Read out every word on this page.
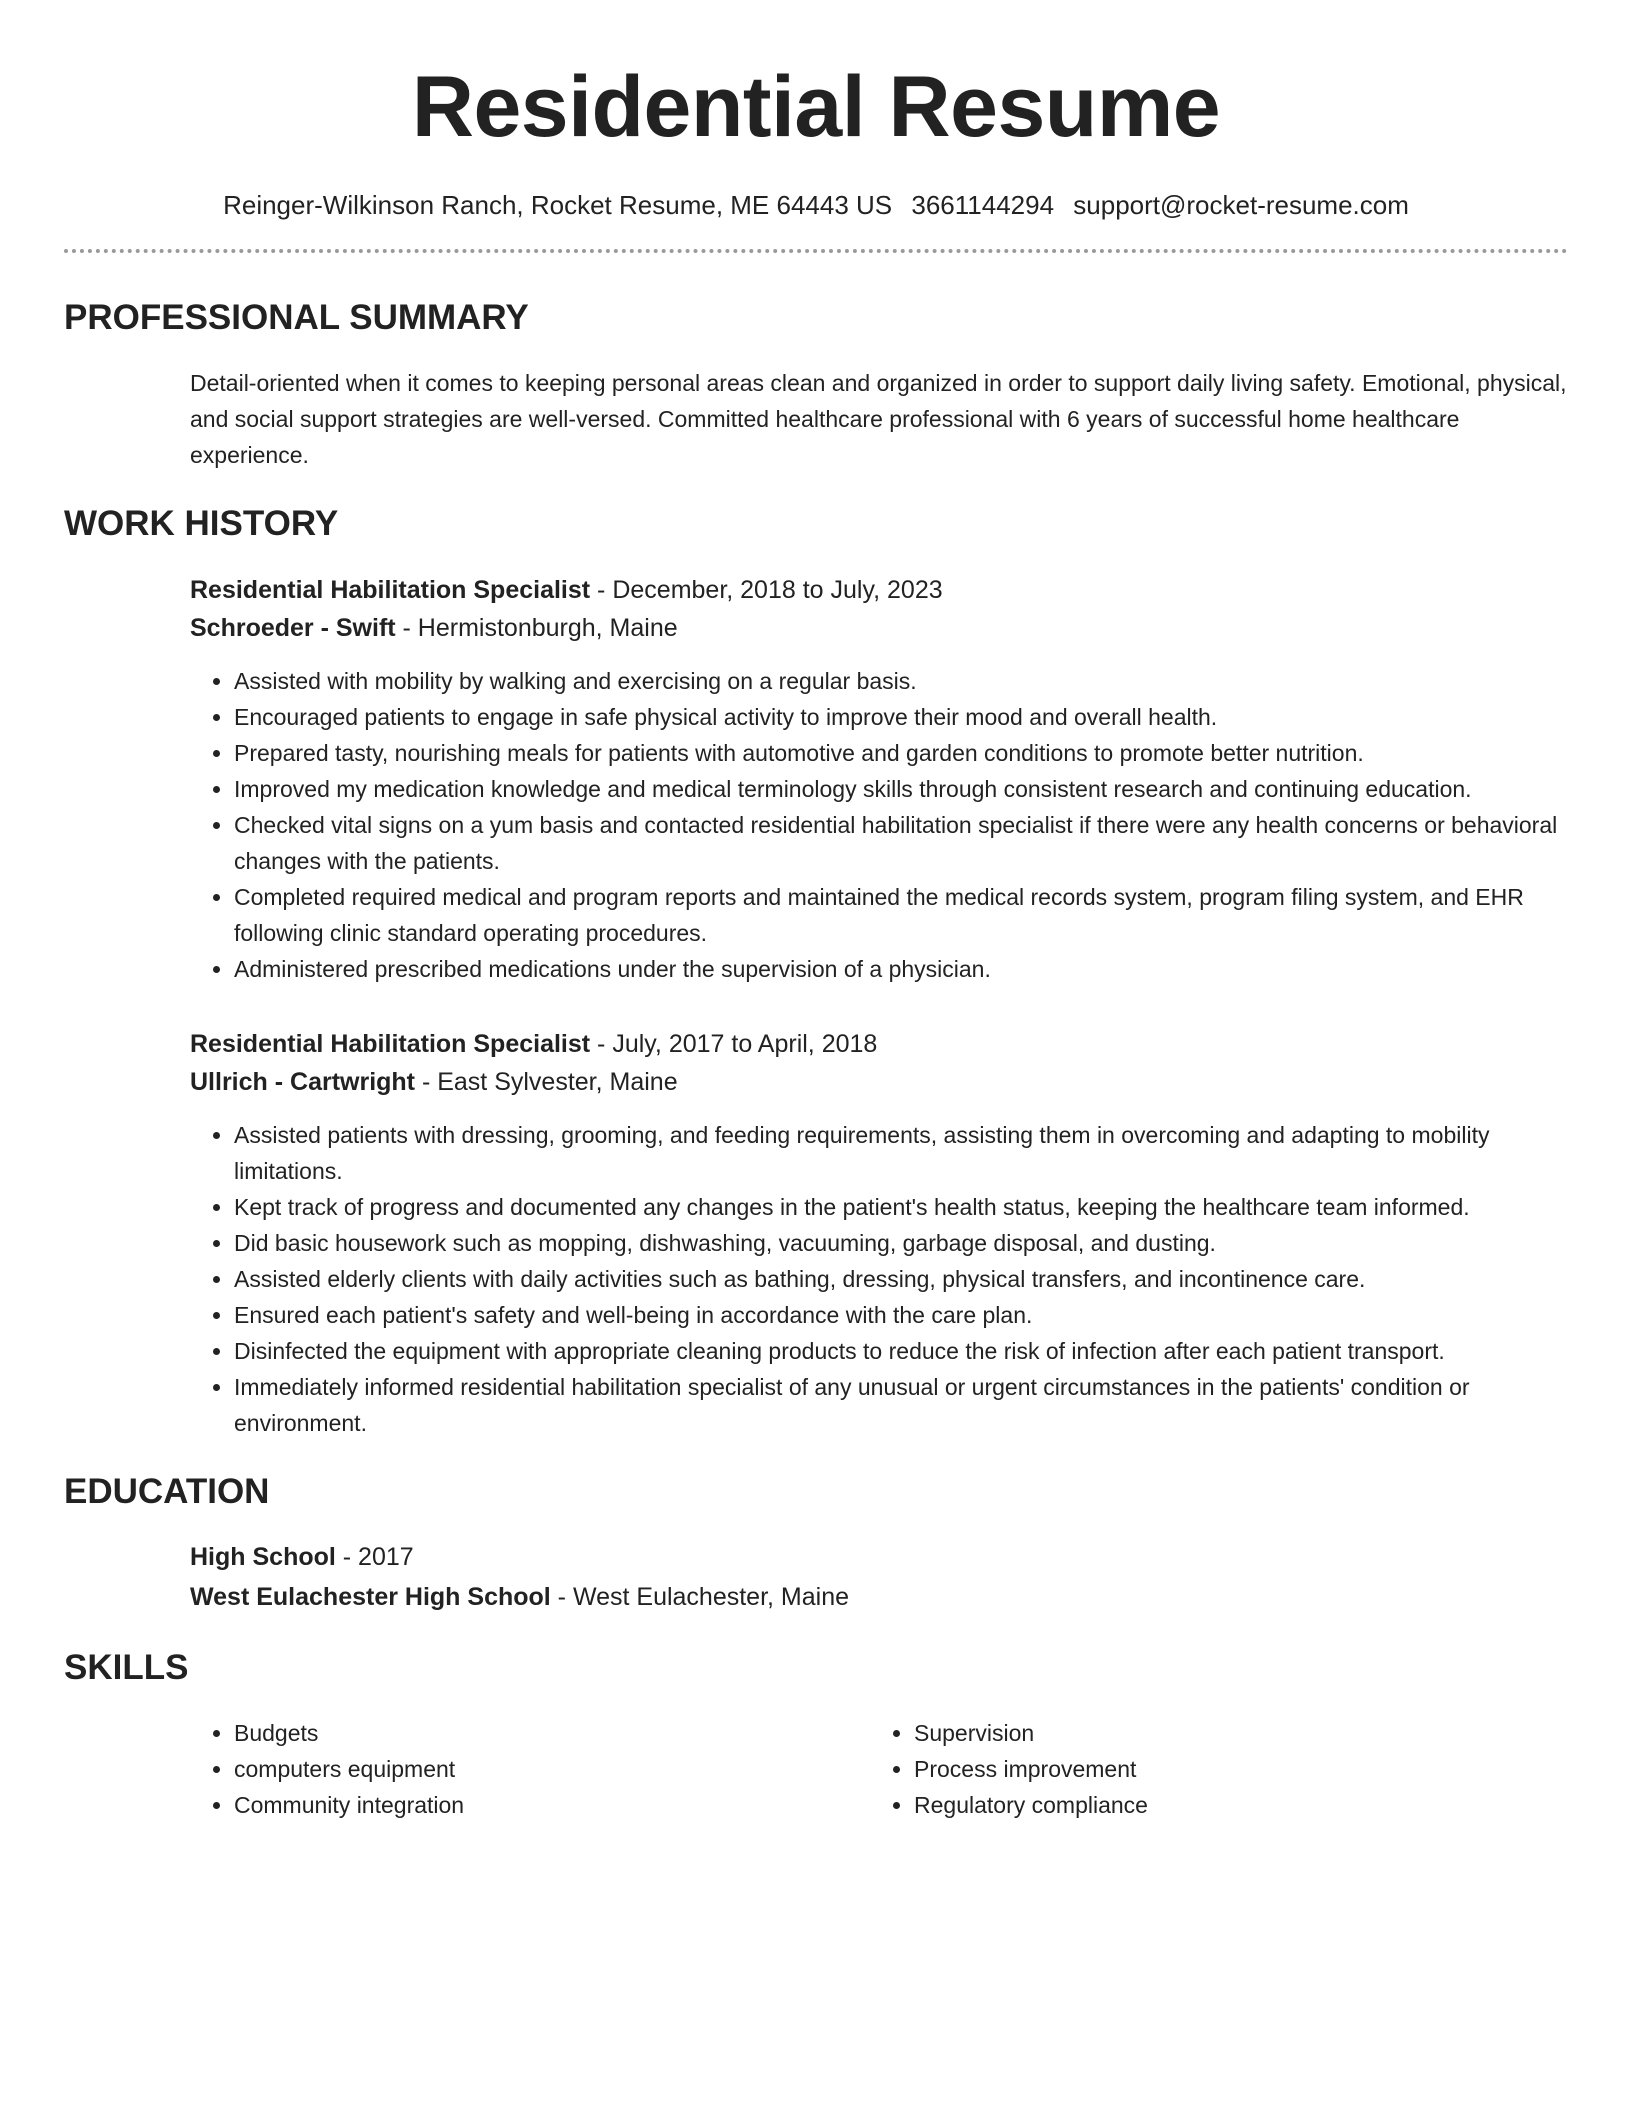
Residential Resume
Reinger-Wilkinson Ranch, Rocket Resume, ME 64443 US 3661144294 support@rocket-resume.com
PROFESSIONAL SUMMARY
Detail-oriented when it comes to keeping personal areas clean and organized in order to support daily living safety. Emotional, physical, and social support strategies are well-versed. Committed healthcare professional with 6 years of successful home healthcare experience.
WORK HISTORY
Residential Habilitation Specialist - December, 2018 to July, 2023
Schroeder - Swift - Hermistonburgh, Maine
• Assisted with mobility by walking and exercising on a regular basis.
• Encouraged patients to engage in safe physical activity to improve their mood and overall health.
• Prepared tasty, nourishing meals for patients with automotive and garden conditions to promote better nutrition.
• Improved my medication knowledge and medical terminology skills through consistent research and continuing education.
• Checked vital signs on a yum basis and contacted residential habilitation specialist if there were any health concerns or behavioral changes with the patients.
• Completed required medical and program reports and maintained the medical records system, program filing system, and EHR following clinic standard operating procedures.
• Administered prescribed medications under the supervision of a physician.
Residential Habilitation Specialist - July, 2017 to April, 2018
Ullrich - Cartwright - East Sylvester, Maine
• Assisted patients with dressing, grooming, and feeding requirements, assisting them in overcoming and adapting to mobility limitations.
• Kept track of progress and documented any changes in the patient's health status, keeping the healthcare team informed.
• Did basic housework such as mopping, dishwashing, vacuuming, garbage disposal, and dusting.
• Assisted elderly clients with daily activities such as bathing, dressing, physical transfers, and incontinence care.
• Ensured each patient's safety and well-being in accordance with the care plan.
• Disinfected the equipment with appropriate cleaning products to reduce the risk of infection after each patient transport.
• Immediately informed residential habilitation specialist of any unusual or urgent circumstances in the patients' condition or environment.
EDUCATION
High School - 2017
West Eulachester High School - West Eulachester, Maine
SKILLS
• Budgets
• computers equipment
• Community integration
• Supervision
• Process improvement
• Regulatory compliance
